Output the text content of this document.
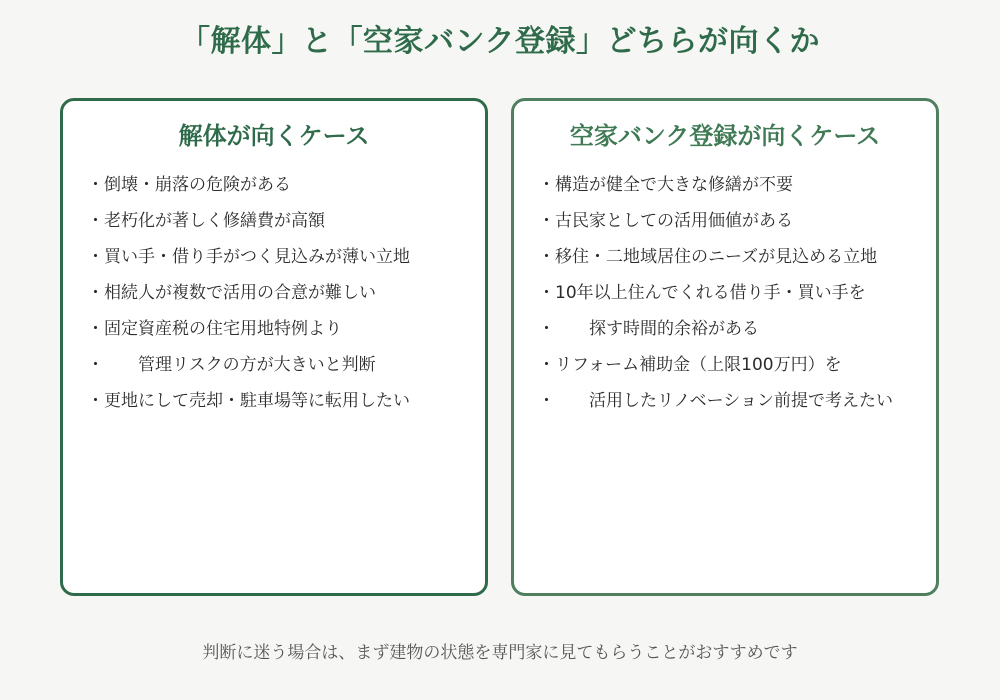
「解体」と「空家バンク登録」どちらが向くか
解体が向くケース
・倒壊・崩落の危険がある
・老朽化が著しく修繕費が高額
・買い手・借り手がつく見込みが薄い立地
・相続人が複数で活用の合意が難しい
・固定資産税の住宅用地特例より
・　　管理リスクの方が大きいと判断
・更地にして売却・駐車場等に転用したい
空家バンク登録が向くケース
・構造が健全で大きな修繕が不要
・古民家としての活用価値がある
・移住・二地域居住のニーズが見込める立地
・10年以上住んでくれる借り手・買い手を
・　　探す時間的余裕がある
・リフォーム補助金（上限100万円）を
・　　活用したリノベーション前提で考えたい
判断に迷う場合は、まず建物の状態を専門家に見てもらうことがおすすめです
